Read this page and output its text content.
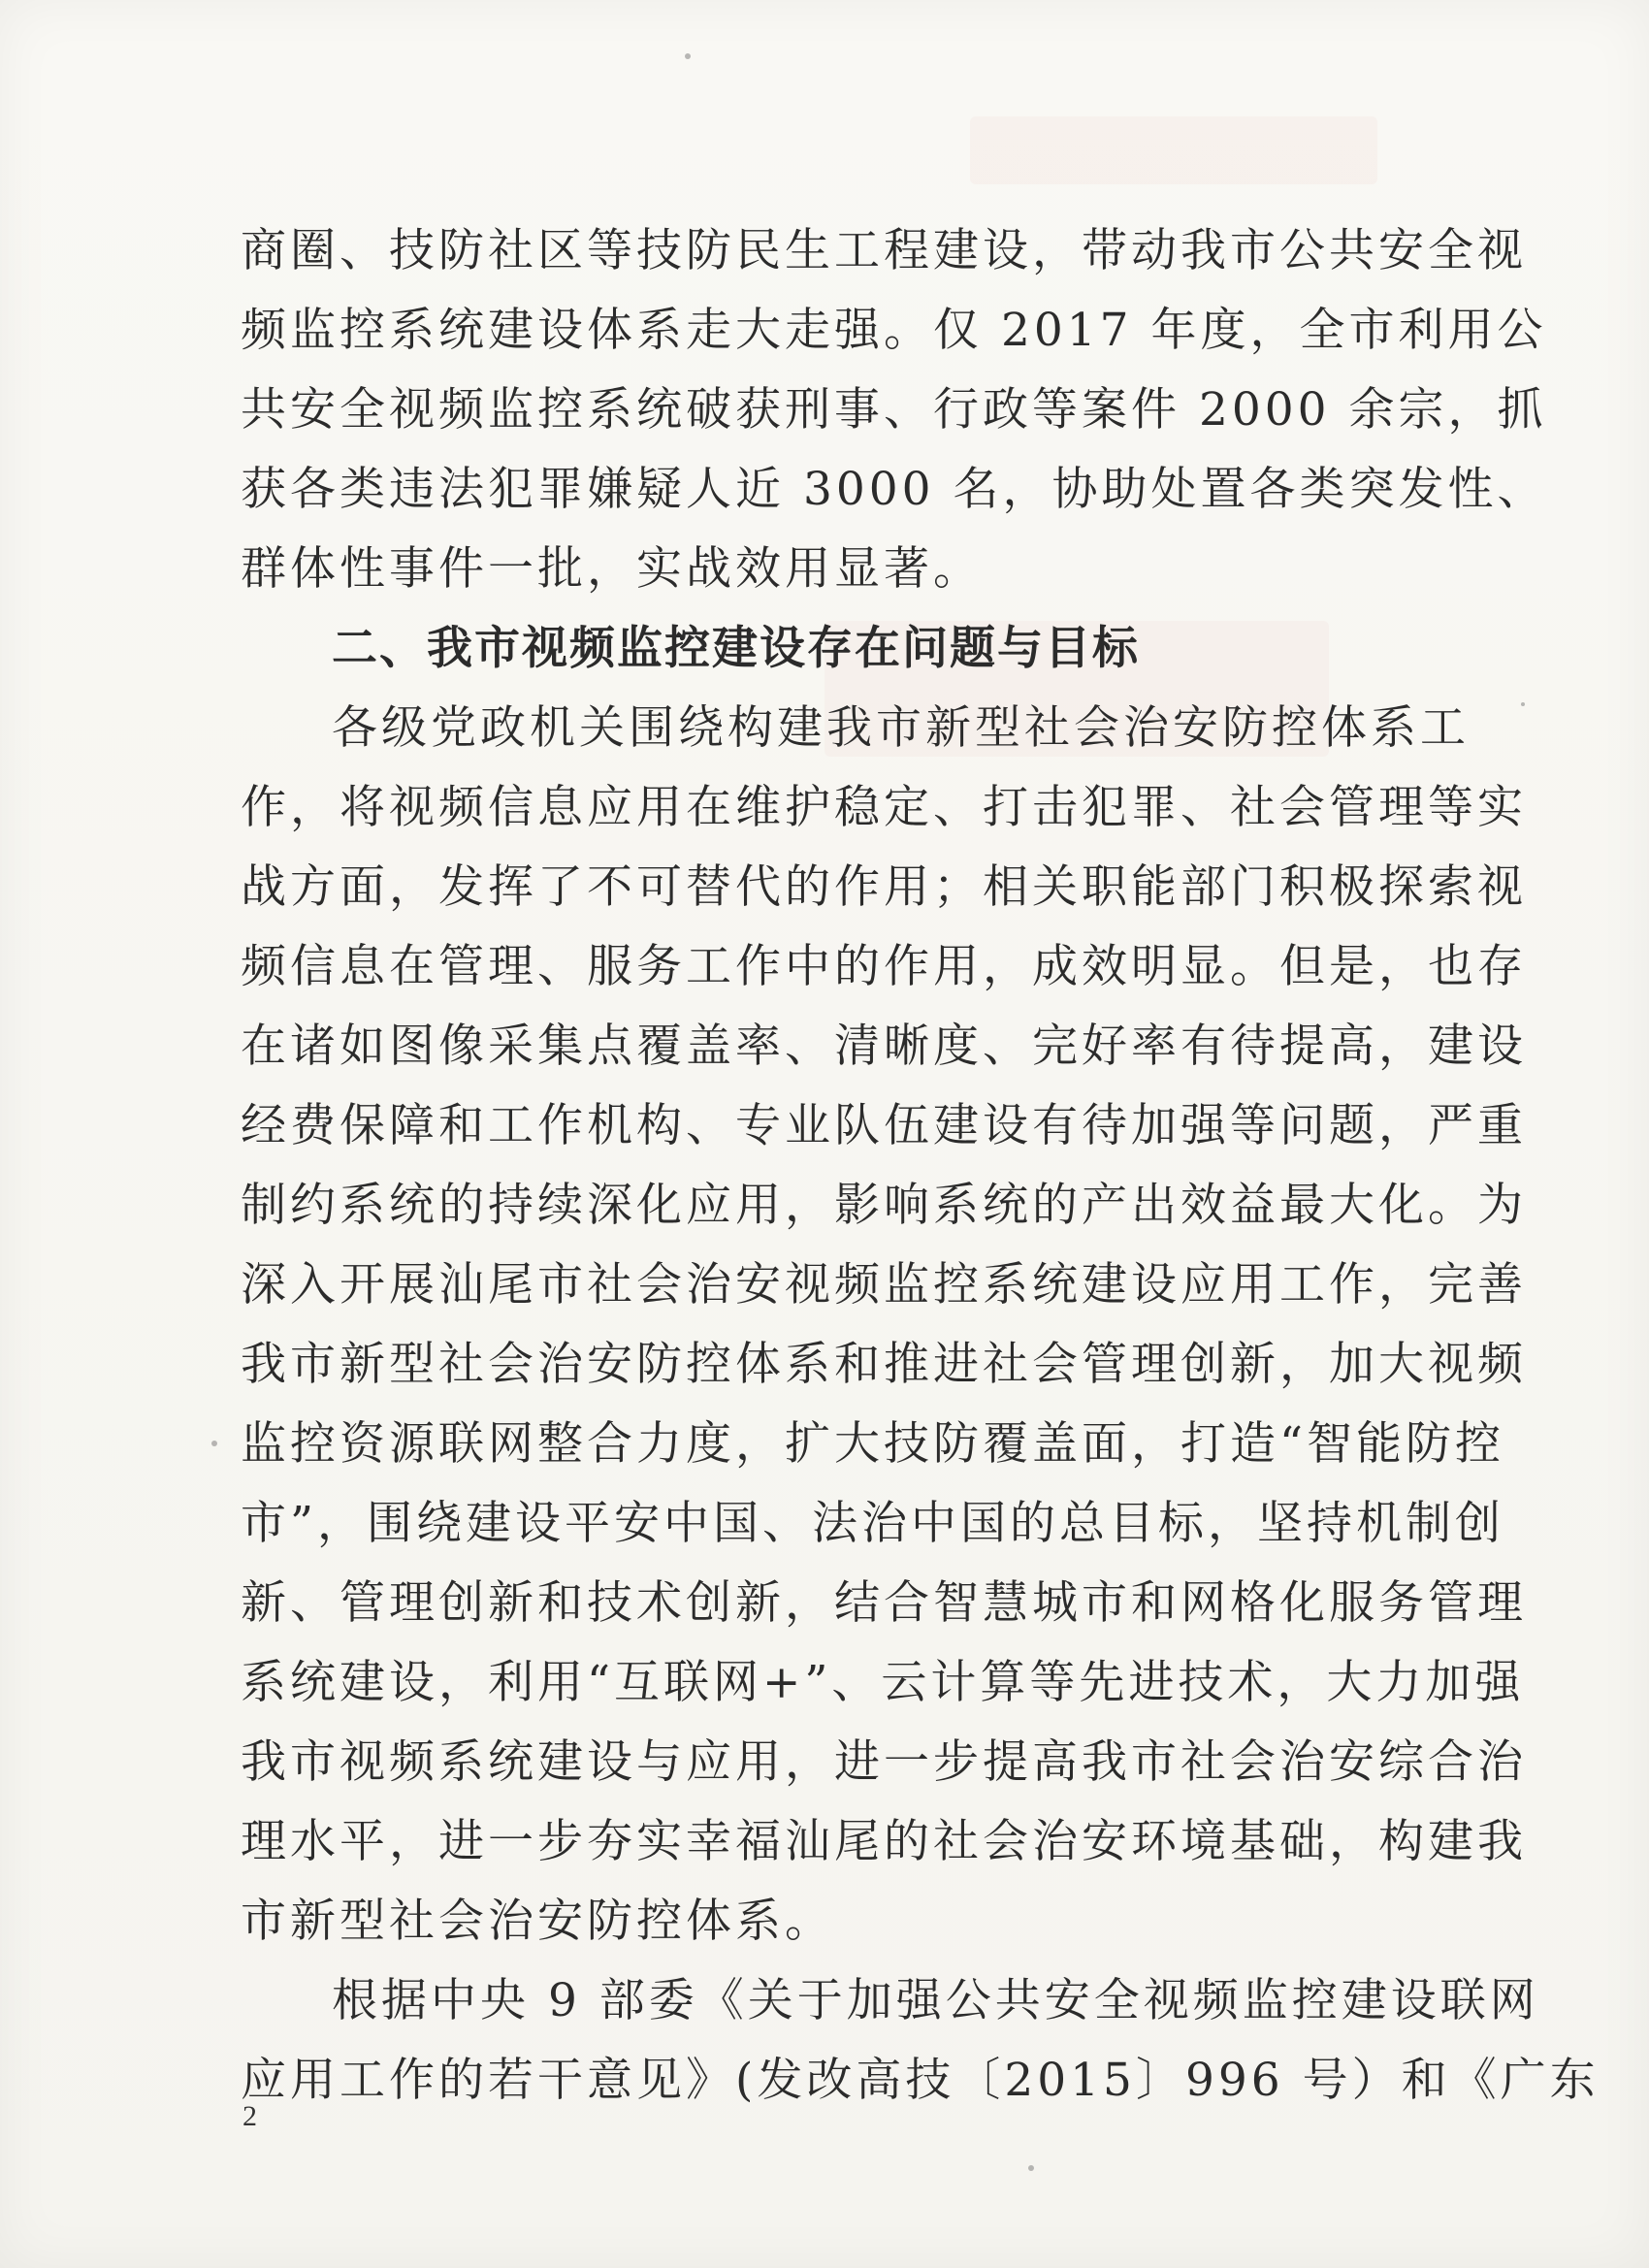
商圈、技防社区等技防民生工程建设，带动我市公共安全视
频监控系统建设体系走大走强。仅 2017 年度，全市利用公
共安全视频监控系统破获刑事、行政等案件 2000 余宗，抓
获各类违法犯罪嫌疑人近 3000 名，协助处置各类突发性、
群体性事件一批，实战效用显著。
二、我市视频监控建设存在问题与目标
各级党政机关围绕构建我市新型社会治安防控体系工
作，将视频信息应用在维护稳定、打击犯罪、社会管理等实
战方面，发挥了不可替代的作用；相关职能部门积极探索视
频信息在管理、服务工作中的作用，成效明显。但是，也存
在诸如图像采集点覆盖率、清晰度、完好率有待提高，建设
经费保障和工作机构、专业队伍建设有待加强等问题，严重
制约系统的持续深化应用，影响系统的产出效益最大化。为
深入开展汕尾市社会治安视频监控系统建设应用工作，完善
我市新型社会治安防控体系和推进社会管理创新，加大视频
监控资源联网整合力度，扩大技防覆盖面，打造“智能防控
市”，围绕建设平安中国、法治中国的总目标，坚持机制创
新、管理创新和技术创新，结合智慧城市和网格化服务管理
系统建设，利用“互联网+”、云计算等先进技术，大力加强
我市视频系统建设与应用，进一步提高我市社会治安综合治
理水平，进一步夯实幸福汕尾的社会治安环境基础，构建我
市新型社会治安防控体系。
根据中央 9 部委《关于加强公共安全视频监控建设联网
应用工作的若干意见》(发改高技〔2015〕996 号）和《广东
2
